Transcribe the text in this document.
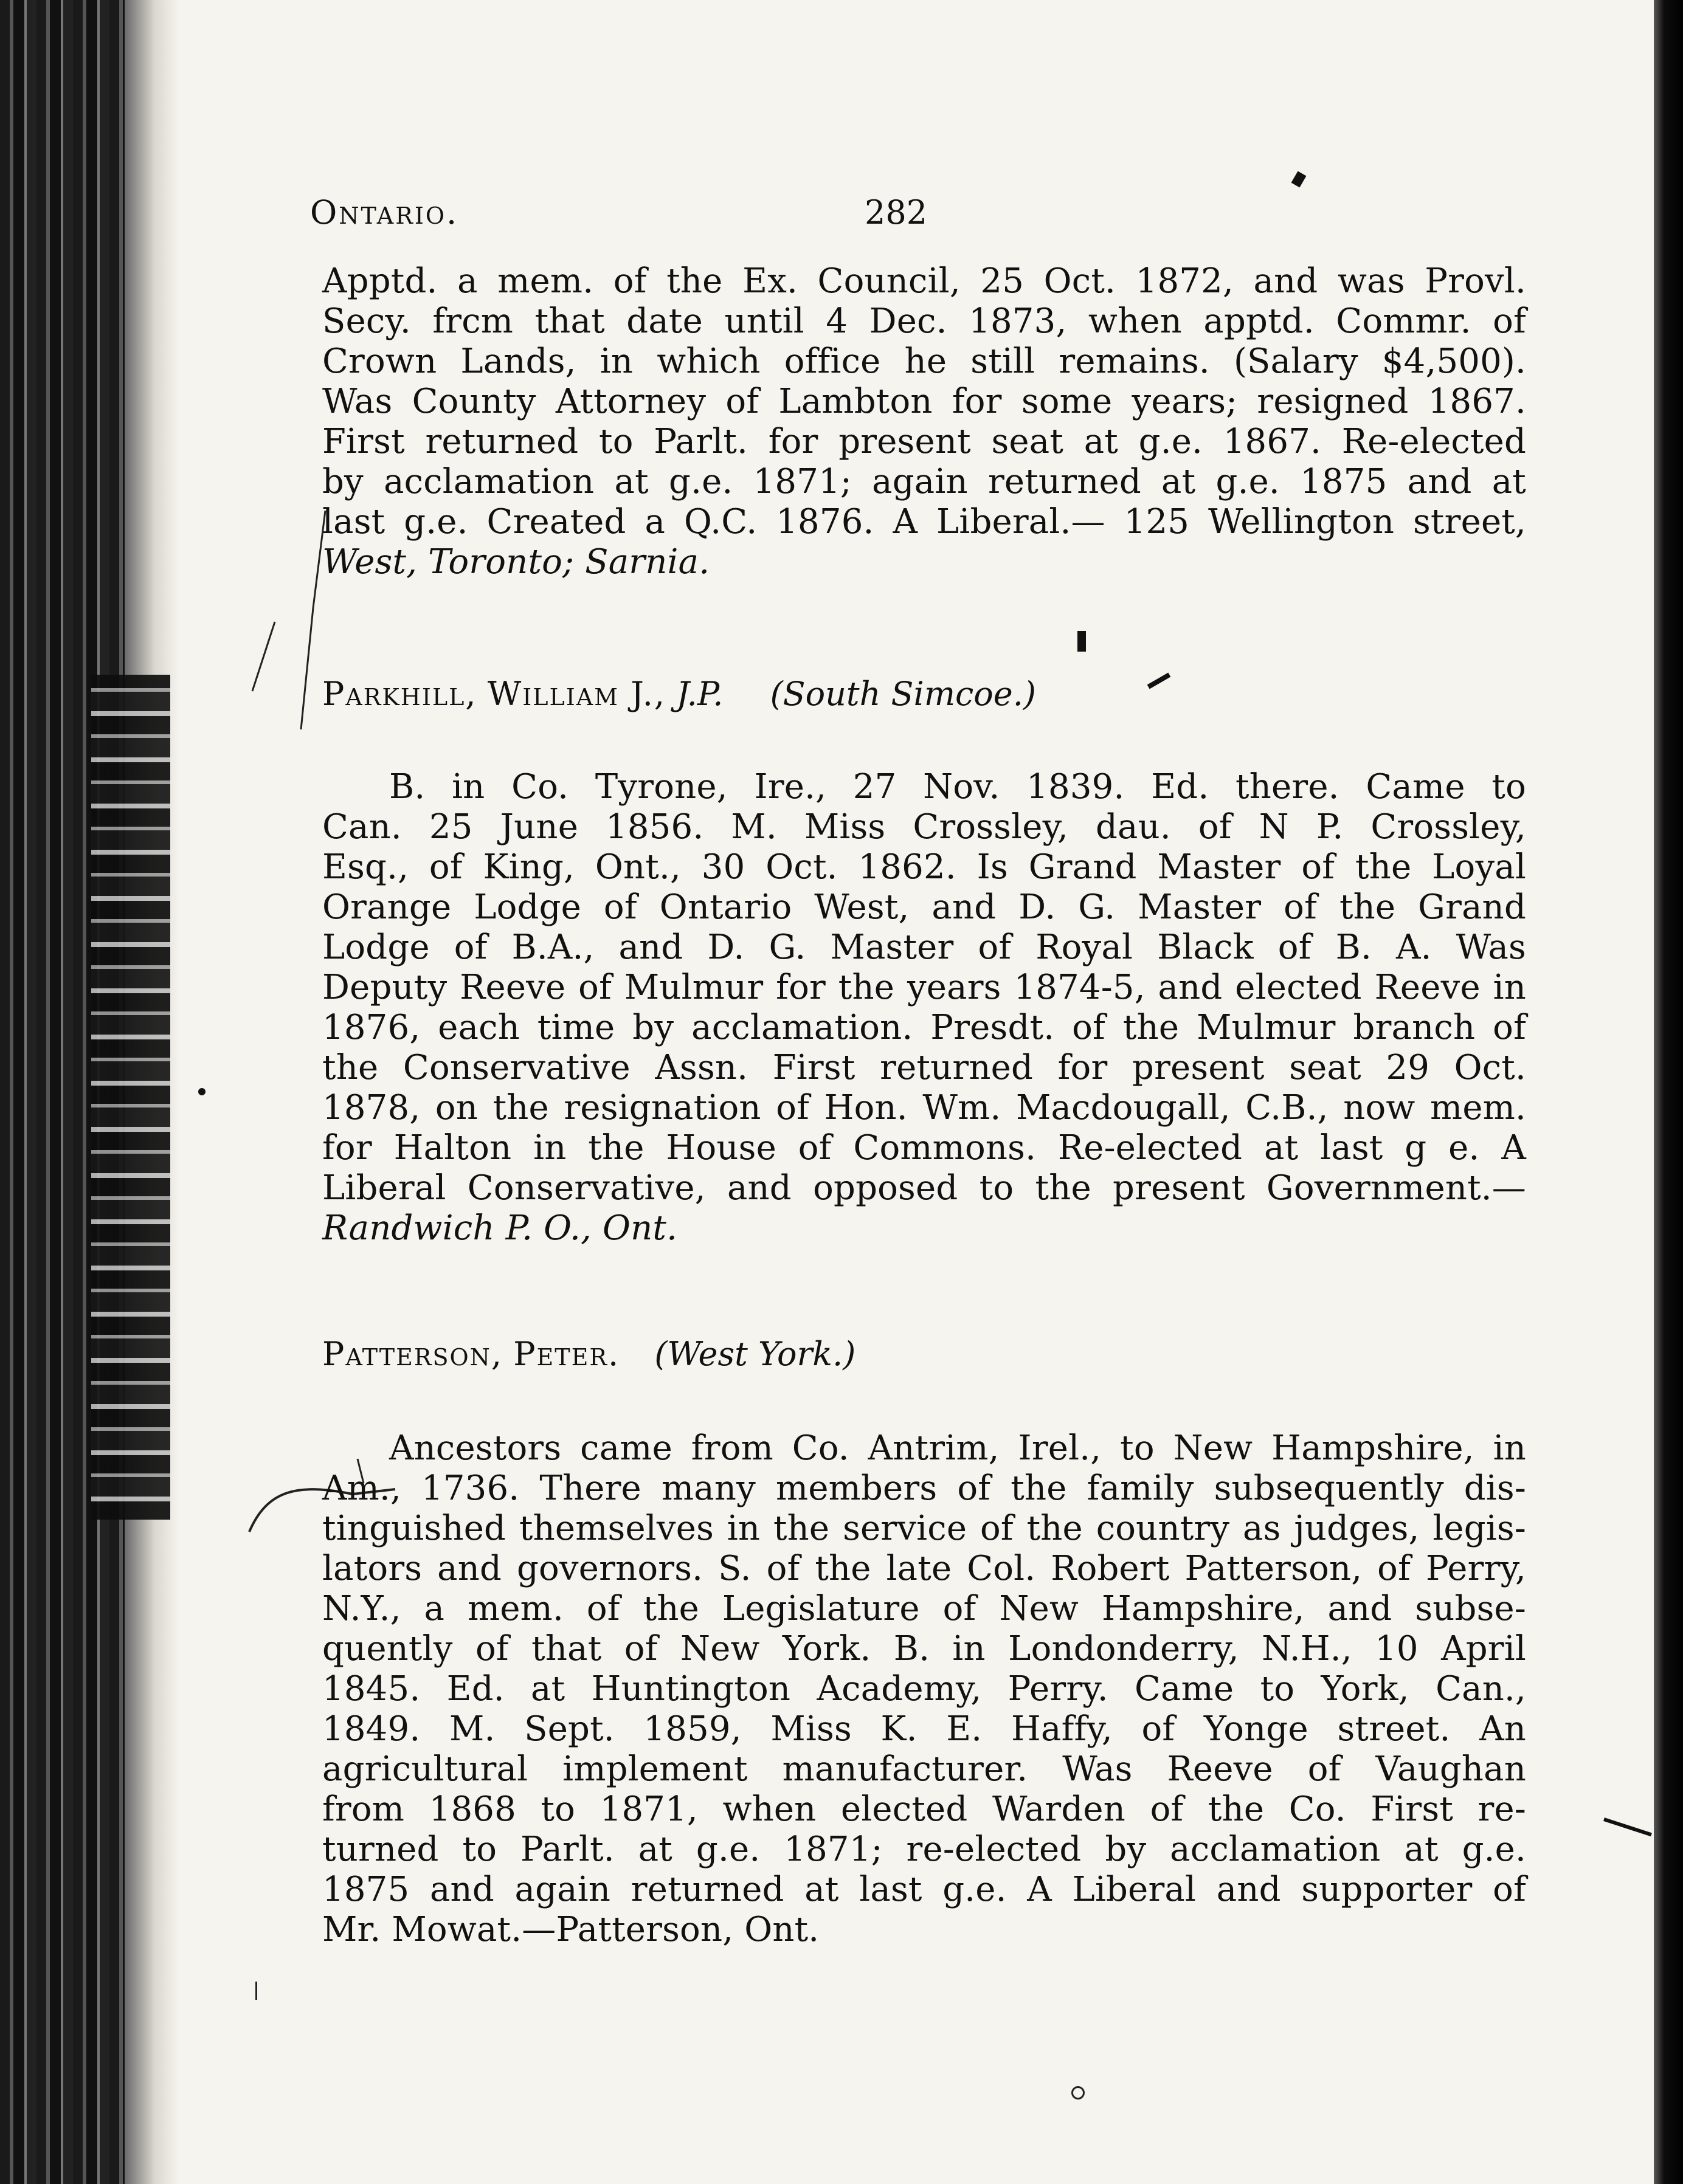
Ontario.	282
Apptd. a mem. of the Ex. Council, 25 Oct. 1872, and was Provl.
Secy. frcm that date until 4 Dec. 1873, when apptd. Commr. of
Crown Lands, in which office he still remains. (Salary $4,500).
Was County Attorney of Lambton for some years; resigned 1867.
First returned to Parlt. for present seat at g.e. 1867. Re-elected
by acclamation at g.e. 1871; again returned at g.e. 1875 and at
last g.e. Created a Q.C. 1876. A Liberal.— 125 Wellington street,
West, Toronto; Sarnia.
Parkhill, William J., J.P. (South Simcoe.)
B. in Co. Tyrone, Ire., 27 Nov. 1839. Ed. there. Came to
Can. 25 June 1856. M. Miss Crossley, dau. of N P. Crossley,
Esq., of King, Ont., 30 Oct. 1862. Is Grand Master of the Loyal
Orange Lodge of Ontario West, and D. G. Master of the Grand
Lodge of B.A., and D. G. Master of Royal Black of B. A. Was
Deputy Reeve of Mulmur for the years 1874-5, and elected Reeve in
1876, each time by acclamation. Presdt. of the Mulmur branch of
the Conservative Assn. First returned for present seat 29 Oct.
1878, on the resignation of Hon. Wm. Macdougall, C.B., now mem.
for Halton in the House of Commons. Re-elected at last g e. A
Liberal Conservative, and opposed to the present Government.—
Randwich P. O., Ont.
Patterson, Peter. (West York.)
Ancestors came from Co. Antrim, Irel., to New Hampshire, in
Am., 1736. There many members of the family subsequently dis-
tinguished themselves in the service of the country as judges, legis-
lators and governors. S. of the late Col. Robert Patterson, of Perry,
N.Y., a mem. of the Legislature of New Hampshire, and subse-
quently of that of New York. B. in Londonderry, N.H., 10 April
1845. Ed. at Huntington Academy, Perry. Came to York, Can.,
1849. M. Sept. 1859, Miss K. E. Haffy, of Yonge street. An
agricultural implement manufacturer. Was Reeve of Vaughan
from 1868 to 1871, when elected Warden of the Co. First re-
turned to Parlt. at g.e. 1871; re-elected by acclamation at g.e.
1875 and again returned at last g.e. A Liberal and supporter of
Mr. Mowat.—Patterson, Ont.
